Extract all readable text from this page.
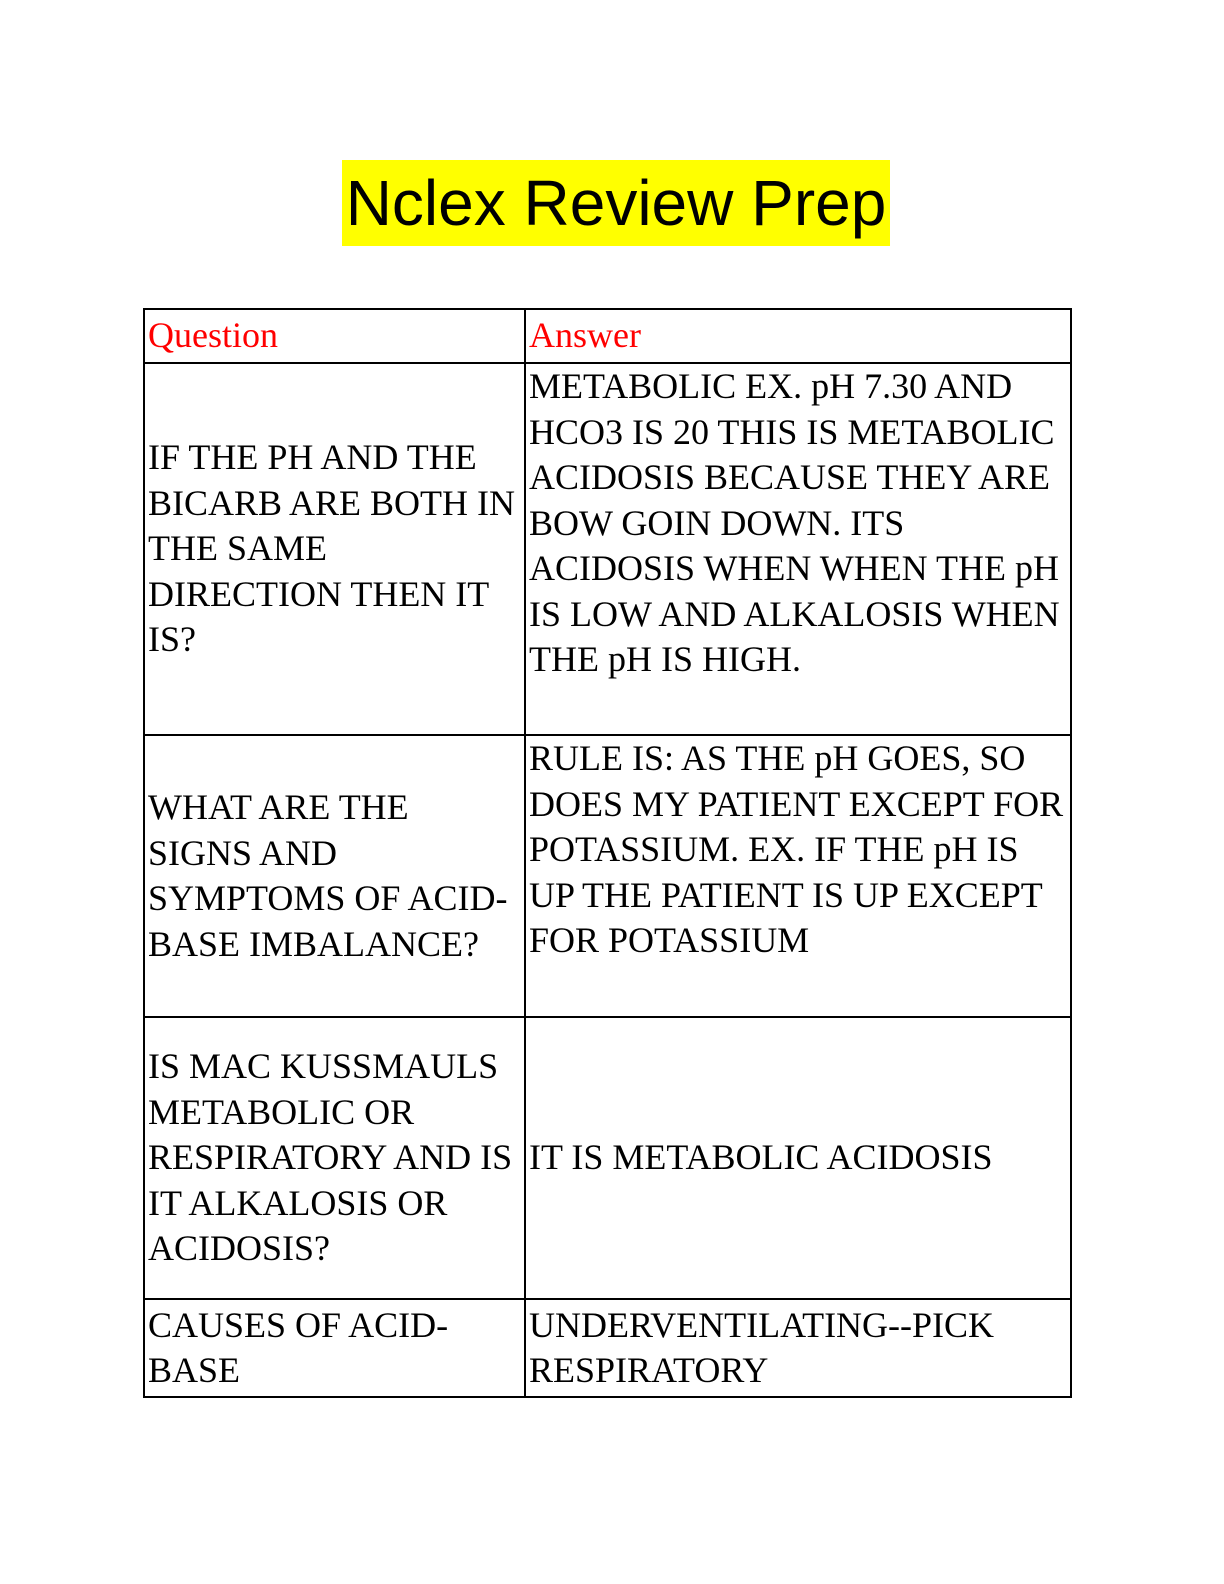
Nclex Review Prep
Question	Answer
IF THE PH AND THE BICARB ARE BOTH IN THE SAME DIRECTION THEN IT IS?	METABOLIC EX. pH 7.30 AND HCO3 IS 20 THIS IS METABOLIC ACIDOSIS BECAUSE THEY ARE BOW GOIN DOWN. ITS ACIDOSIS WHEN WHEN THE pH IS LOW AND ALKALOSIS WHEN THE pH IS HIGH.
WHAT ARE THE SIGNS AND SYMPTOMS OF ACID-BASE IMBALANCE?	RULE IS: AS THE pH GOES, SO DOES MY PATIENT EXCEPT FOR POTASSIUM. EX. IF THE pH IS UP THE PATIENT IS UP EXCEPT FOR POTASSIUM
IS MAC KUSSMAULS METABOLIC OR RESPIRATORY AND IS IT ALKALOSIS OR ACIDOSIS?	IT IS METABOLIC ACIDOSIS
CAUSES OF ACID-BASE	UNDERVENTILATING--PICK RESPIRATORY
